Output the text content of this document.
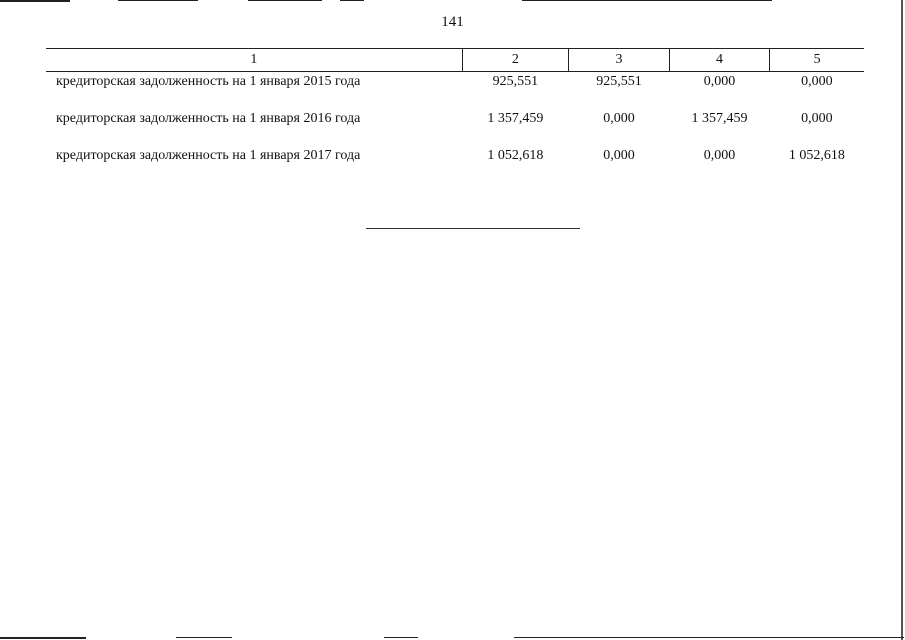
141
1	2	3	4	5
кредиторская задолженность на 1 января 2015 года	925,551	925,551	0,000	0,000
кредиторская задолженность на 1 января 2016 года	1 357,459	0,000	1 357,459	0,000
кредиторская задолженность на 1 января 2017 года	1 052,618	0,000	0,000	1 052,618
